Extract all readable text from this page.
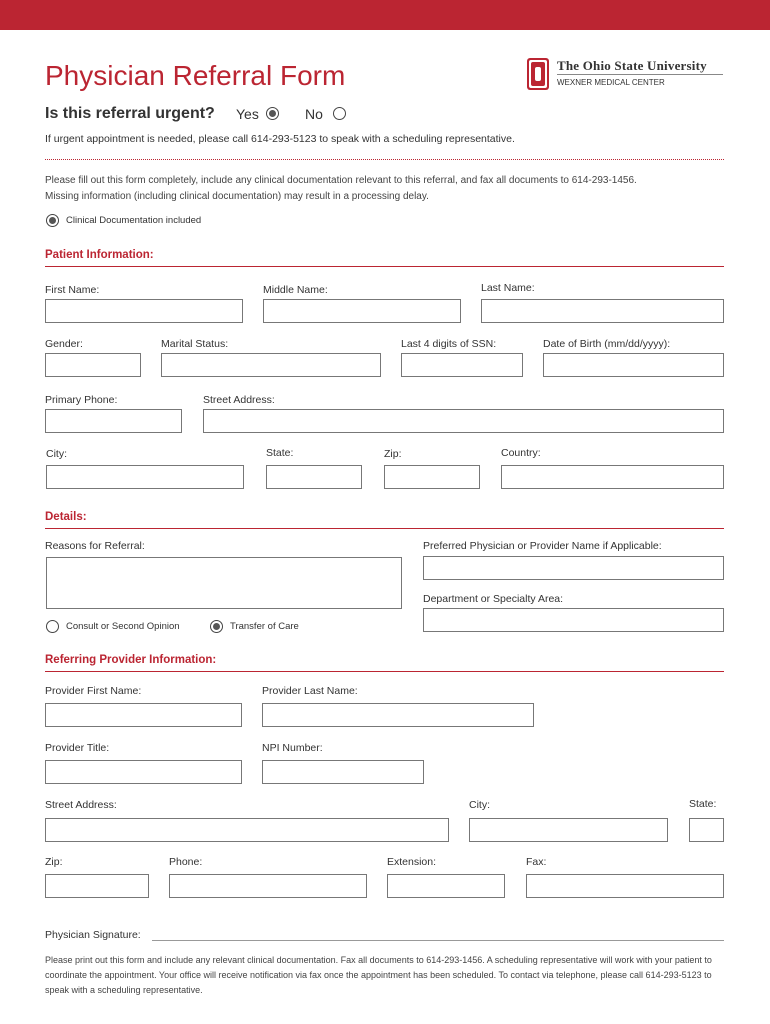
Physician Referral Form	The Ohio State University
WEXNER MEDICAL CENTER
Is this referral urgent? Yes	No
If urgent appointment is needed, please call 614-293-5123 to speak with a scheduling representative.
Please fill out this form completely, include any clinical documentation relevant to this referral, and fax all documents to 614-293-1456.
Missing information (including clinical documentation) may result in a processing delay.
Clinical Documentation included
Patient Information:
First Name:	Middle Name:	Last Name:
Gender:	Marital Status:	Last 4 digits of SSN:	Date of Birth (mm/dd/yyyy):
Primary Phone:	Street Address:
City:	State:	Zip:	Country:
Details:
Reasons for Referral:	Preferred Physician or Provider Name if Applicable:
Department or Specialty Area:
Consult or Second Opinion	Transfer of Care
Referring Provider Information:
Provider First Name:	Provider Last Name:
Provider Title:	NPI Number:
Street Address:	City:	State:
Zip:	Phone:	Extension:	Fax:
Physician Signature:
Please print out this form and include any relevant clinical documentation. Fax all documents to 614-293-1456. A scheduling representative will work with your patient to coordinate the appointment. Your office will receive notification via fax once the appointment has been scheduled. To contact via telephone, please call 614-293-5123 to speak with a scheduling representative.
